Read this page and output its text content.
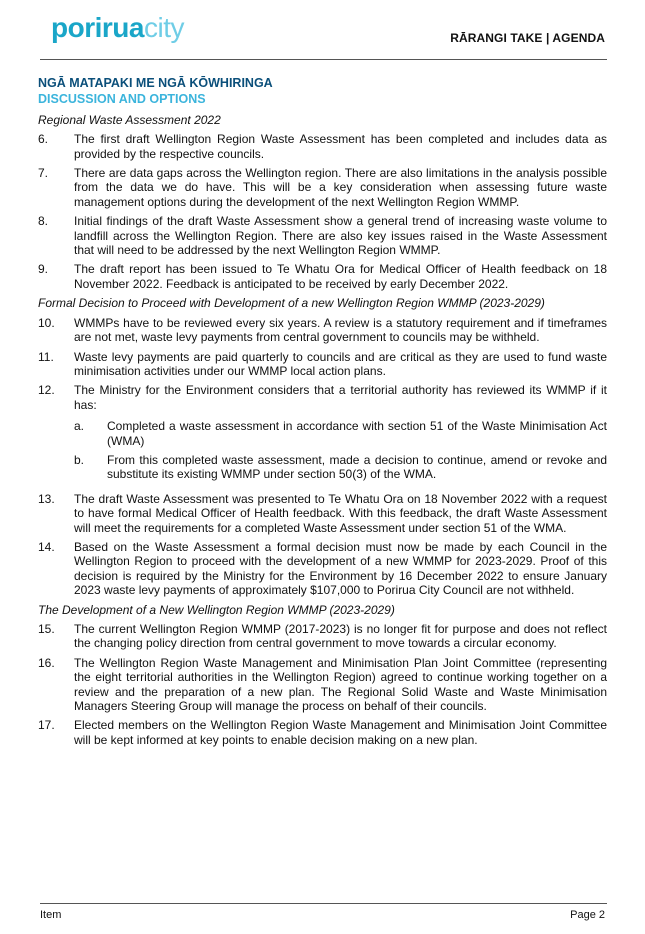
poriruacity	RĀRANGI TAKE | AGENDA
NGĀ MATAPAKI ME NGĀ KŌWHIRINGA
DISCUSSION AND OPTIONS
Regional Waste Assessment 2022
6.	The first draft Wellington Region Waste Assessment has been completed and includes data as provided by the respective councils.
7.	There are data gaps across the Wellington region. There are also limitations in the analysis possible from the data we do have. This will be a key consideration when assessing future waste management options during the development of the next Wellington Region WMMP.
8.	Initial findings of the draft Waste Assessment show a general trend of increasing waste volume to landfill across the Wellington Region. There are also key issues raised in the Waste Assessment that will need to be addressed by the next Wellington Region WMMP.
9.	The draft report has been issued to Te Whatu Ora for Medical Officer of Health feedback on 18 November 2022. Feedback is anticipated to be received by early December 2022.
Formal Decision to Proceed with Development of a new Wellington Region WMMP (2023-2029)
10.	WMMPs have to be reviewed every six years. A review is a statutory requirement and if timeframes are not met, waste levy payments from central government to councils may be withheld.
11.	Waste levy payments are paid quarterly to councils and are critical as they are used to fund waste minimisation activities under our WMMP local action plans.
12.	The Ministry for the Environment considers that a territorial authority has reviewed its WMMP if it has:
a.	Completed a waste assessment in accordance with section 51 of the Waste Minimisation Act (WMA)
b.	From this completed waste assessment, made a decision to continue, amend or revoke and substitute its existing WMMP under section 50(3) of the WMA.
13.	The draft Waste Assessment was presented to Te Whatu Ora on 18 November 2022 with a request to have formal Medical Officer of Health feedback. With this feedback, the draft Waste Assessment will meet the requirements for a completed Waste Assessment under section 51 of the WMA.
14.	Based on the Waste Assessment a formal decision must now be made by each Council in the Wellington Region to proceed with the development of a new WMMP for 2023-2029. Proof of this decision is required by the Ministry for the Environment by 16 December 2022 to ensure January 2023 waste levy payments of approximately $107,000 to Porirua City Council are not withheld.
The Development of a New Wellington Region WMMP (2023-2029)
15.	The current Wellington Region WMMP (2017-2023) is no longer fit for purpose and does not reflect the changing policy direction from central government to move towards a circular economy.
16.	The Wellington Region Waste Management and Minimisation Plan Joint Committee (representing the eight territorial authorities in the Wellington Region) agreed to continue working together on a review and the preparation of a new plan. The Regional Solid Waste and Waste Minimisation Managers Steering Group will manage the process on behalf of their councils.
17.	Elected members on the Wellington Region Waste Management and Minimisation Joint Committee will be kept informed at key points to enable decision making on a new plan.
Item	Page 2
